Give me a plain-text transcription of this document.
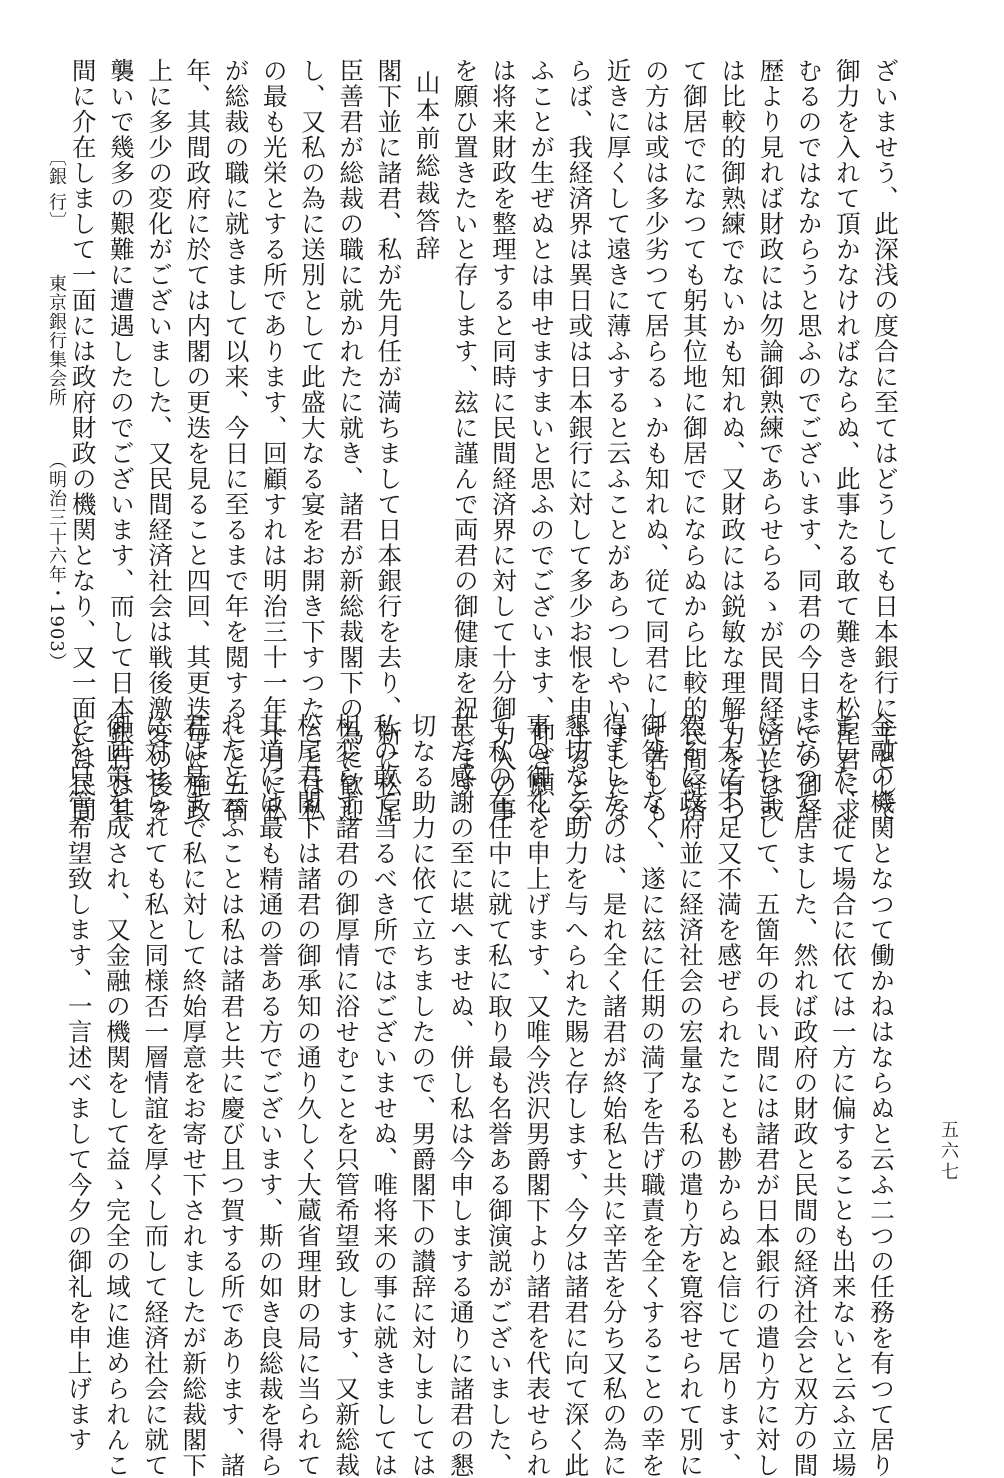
ざいませう、此深浅の度合に至てはどうしても日本銀行に主として
御力を入れて頂かなければならぬ、此事たる敢て難きを松尾君に求
むるのではなからうと思ふのでございます、同君の今日までの御経
歴より見れば財政には勿論御熟練であらせらるゝが民間経済には或
は比較的御熟練でないかも知れぬ、又財政には鋭敏な理解力を有つ
て御居でになつても躬其位地に御居でにならぬから比較的民間経済
の方は或は多少劣つて居らるゝかも知れぬ、従て同君にして若しも
近きに厚くして遠きに薄ふすると云ふことがあらつしやいましたな
らば、我経済界は異日或は日本銀行に対して多少お恨を申上ると云
ふことが生ぜぬとは申せますまいと思ふのでございます、仰ぎ願く
は将来財政を整理すると同時に民間経済界に対して十分御力入の事
を願ひ置きたいと存します、玆に謹んで両君の御健康を祝します
山本前総裁答辞
閣下並に諸君、私が先月任が満ちまして日本銀行を去り、新に松尾
臣善君が総裁の職に就かれたに就き、諸君が新総裁閣下の為に歓迎
し、又私の為に送別として此盛大なる宴をお開き下すつたことは私
の最も光栄とする所であります、回顧すれは明治三十一年十月に私
が総裁の職に就きまして以来、今日に至るまで年を閲すること五箇
年、其間政府に於ては内閣の更迭を見ること四回、其更迭毎に施政
上に多少の変化がございました、又民間経済社会は戦後激変の後を
襲いで幾多の艱難に遭遇したのでございます、而して日本銀行は其
間に介在しまして一面には政府財政の機関となり、又一面には民間
金融の機関となつて働かねはならぬと云ふ二つの任務を有つて居り
ました、従て場合に依ては一方に偏することも出来ないと云ふ立場
になつて居ました、然れば政府の財政と民間の経済社会と双方の間
に立ちまして、五箇年の長い間には諸君が日本銀行の遣り方に対し
て大に不足又不満を感ぜられたことも尠からぬと信じて居ります、
然るに政府並に経済社会の宏量なる私の遣り方を寛容せられて別に
御咎もなく、遂に玆に任期の満了を告げ職責を全くすることの幸を
得ましたのは、是れ全く諸君が終始私と共に辛苦を分ち又私の為に
懇切なる助力を与へられた賜と存します、今夕は諸君に向て深く此
事の御礼を申上げます、又唯今渋沢男爵閣下より諸君を代表せられ
て私の在任中に就て私に取り最も名誉ある御演説がございました、
甚だ感謝の至に堪へませぬ、併し私は今申しまする通りに諸君の懇
切なる助力に依て立ちましたので、男爵閣下の讃辞に対しましては
私の敢て当るべき所ではございませぬ、唯将来の事に就きましては
相変らず諸君の御厚情に浴せむことを只管希望致します、又新総裁
松尾君閣下は諸君の御承知の通り久しく大蔵省理財の局に当られて
其道には最も精通の誉ある方でございます、斯の如き良総裁を得ら
れたと云ふことは私は諸君と共に慶び且つ賀する所であります、諸
君は是まで私に対して終始厚意をお寄せ下されましたが新総裁閣下
に対せられても私と同様否一層情誼を厚くし而して経済社会に就て
御画策を成され、又金融の機関をして益ゝ完全の域に進められんこ
とを只管希望致します、一言述べまして今夕の御礼を申上げます
〔銀 行〕  東京銀行集会所  （明治三十六年・1903）
五六七
